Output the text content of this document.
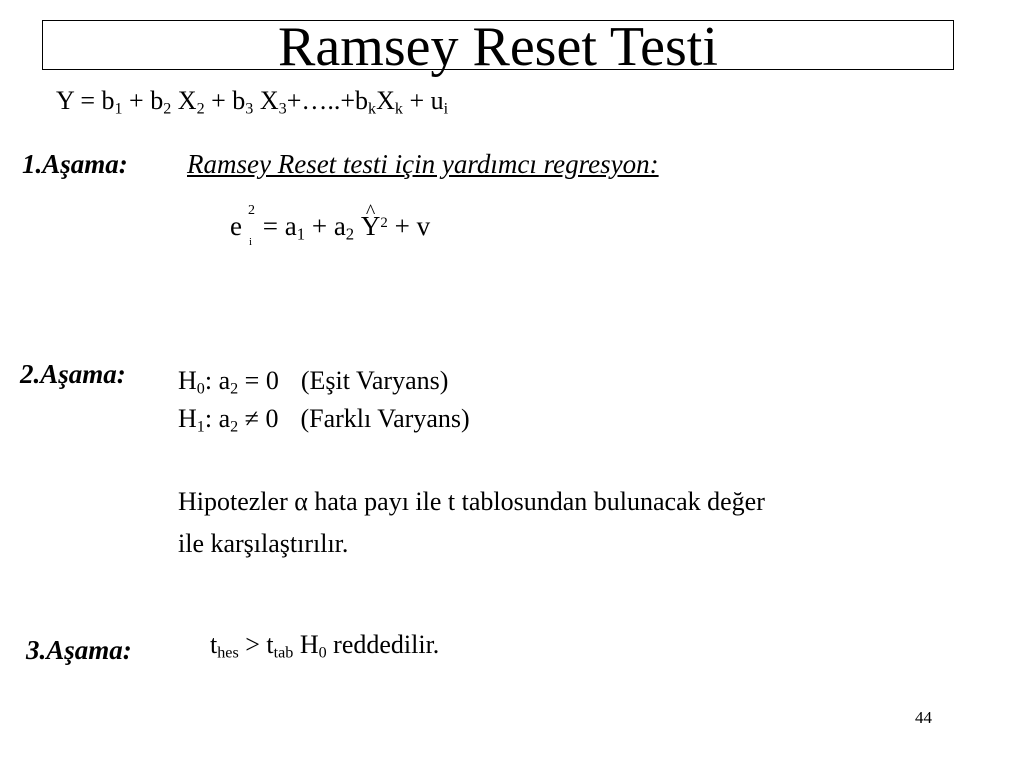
Ramsey Reset Testi
$Y = b_1 + b_2$ $X_2 + b_3$ $X_3+\dots..+b_kX_k + u_i$
1.Aşama: Ramsey Reset testi için yardımcı regresyon:
e
2
i
= $a_1 + a_2$ ^ $Y^2 + v$
2.Aşama: $H_0$: $a_2 = 0$ (Eşit Varyans)
$H_1$: $a_2 \ne 0$ (Farklı Varyans)
Hipotezler α hata payı ile t tablosundan bulunacak değer
ile karşılaştırılır.
3.Aşama:	$t_{hes} > t_{tab}$ $H_0$ reddedilir.
44
